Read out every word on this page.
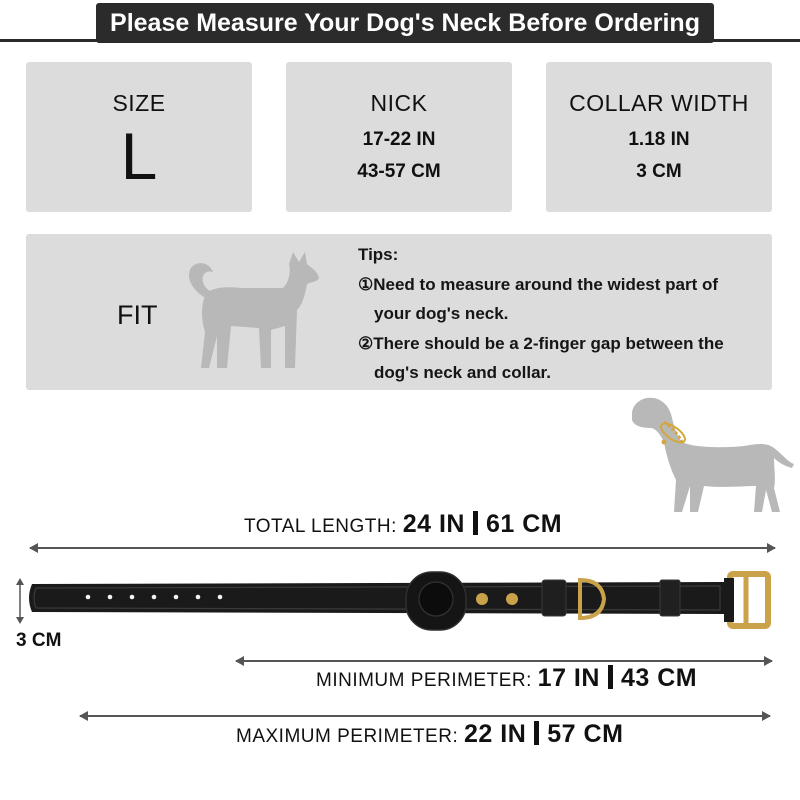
Please Measure Your Dog's Neck Before Ordering
SIZE
L
NICK
17-22 IN
43-57 CM
COLLAR WIDTH
1.18 IN
3 CM
FIT
Tips:
①Need to measure around the widest part of
your dog's neck.
②There should be a 2-finger gap between the
dog's neck and collar.
TOTAL LENGTH: 24 IN 61 CM
3 CM
MINIMUM PERIMETER: 17 IN 43 CM
MAXIMUM PERIMETER: 22 IN 57 CM
